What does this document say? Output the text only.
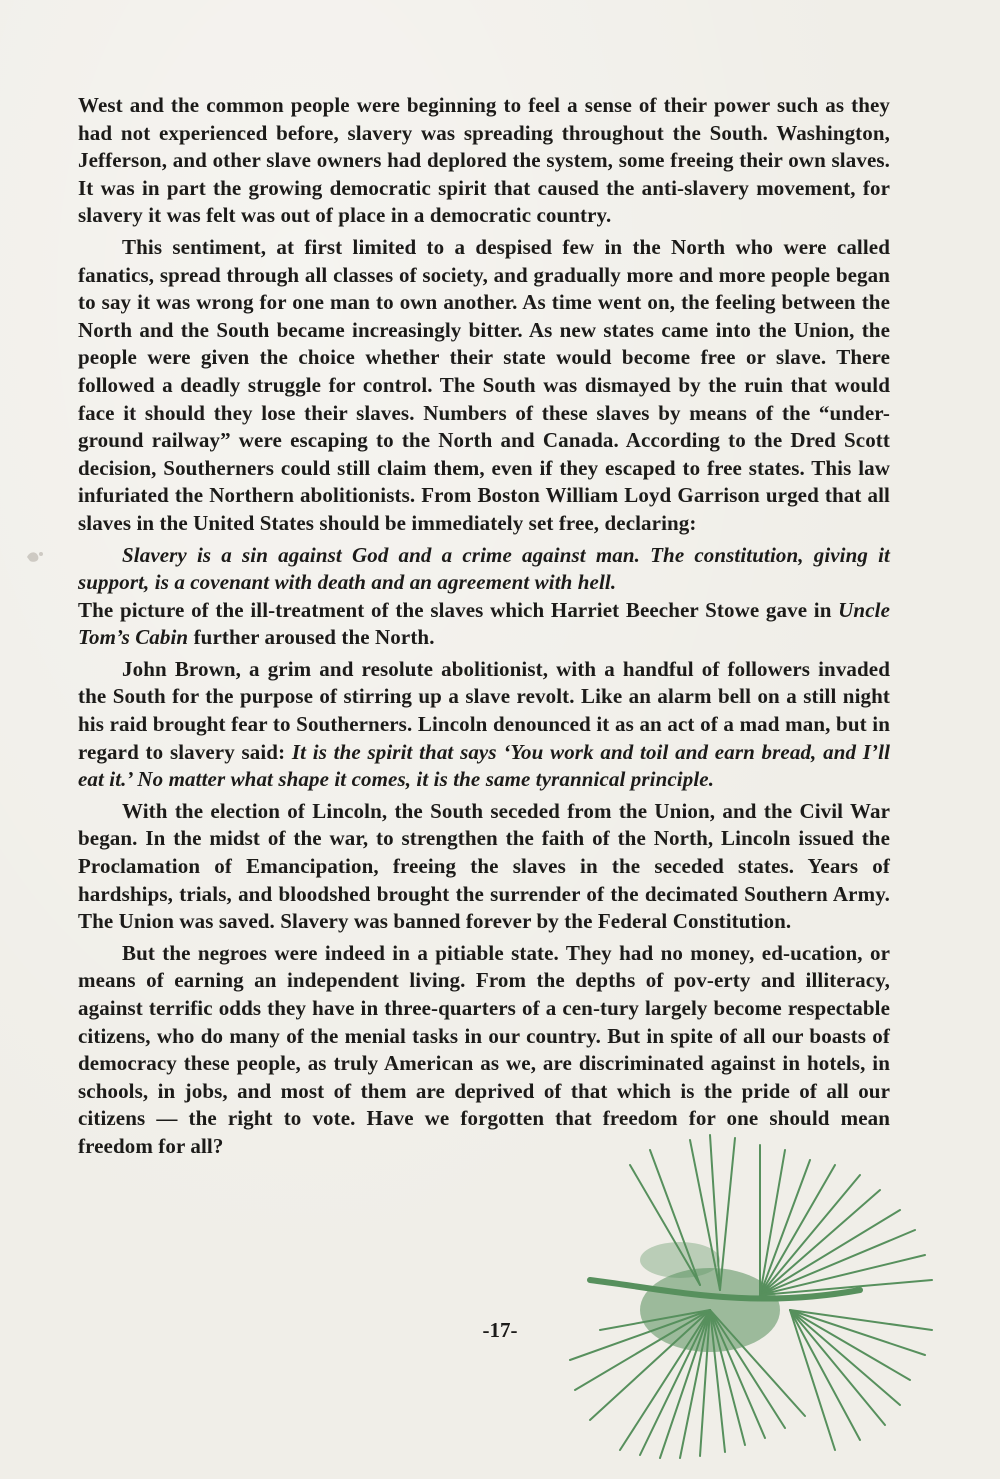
West and the common people were beginning to feel a sense of their power such as they had not experienced before, slavery was spreading throughout the South. Washington, Jefferson, and other slave owners had deplored the system, some freeing their own slaves. It was in part the growing democratic spirit that caused the anti-slavery movement, for slavery it was felt was out of place in a democratic country.

This sentiment, at first limited to a despised few in the North who were called fanatics, spread through all classes of society, and gradually more and more people began to say it was wrong for one man to own another. As time went on, the feeling between the North and the South became increasingly bitter. As new states came into the Union, the people were given the choice whether their state would become free or slave. There followed a deadly struggle for control. The South was dismayed by the ruin that would face it should they lose their slaves. Numbers of these slaves by means of the “under-ground railway” were escaping to the North and Canada. According to the Dred Scott decision, Southerners could still claim them, even if they escaped to free states. This law infuriated the Northern abolitionists. From Boston William Loyd Garrison urged that all slaves in the United States should be immediately set free, declaring:

Slavery is a sin against God and a crime against man. The constitution, giving it support, is a covenant with death and an agreement with hell.

The picture of the ill-treatment of the slaves which Harriet Beecher Stowe gave in Uncle Tom’s Cabin further aroused the North.

John Brown, a grim and resolute abolitionist, with a handful of followers invaded the South for the purpose of stirring up a slave revolt. Like an alarm bell on a still night his raid brought fear to Southerners. Lincoln denounced it as an act of a mad man, but in regard to slavery said: It is the spirit that says ‘You work and toil and earn bread, and I’ll eat it.’ No matter what shape it comes, it is the same tyrannical principle.

With the election of Lincoln, the South seceded from the Union, and the Civil War began. In the midst of the war, to strengthen the faith of the North, Lincoln issued the Proclamation of Emancipation, freeing the slaves in the seceded states. Years of hardships, trials, and bloodshed brought the surrender of the decimated Southern Army. The Union was saved. Slavery was banned forever by the Federal Constitution.

But the negroes were indeed in a pitiable state. They had no money, ed-ucation, or means of earning an independent living. From the depths of pov-erty and illiteracy, against terrific odds they have in three-quarters of a cen-tury largely become respectable citizens, who do many of the menial tasks in our country. But in spite of all our boasts of democracy these people, as truly American as we, are discriminated against in hotels, in schools, in jobs, and most of them are deprived of that which is the pride of all our citizens — the right to vote. Have we forgotten that freedom for one should mean freedom for all?

-17-
